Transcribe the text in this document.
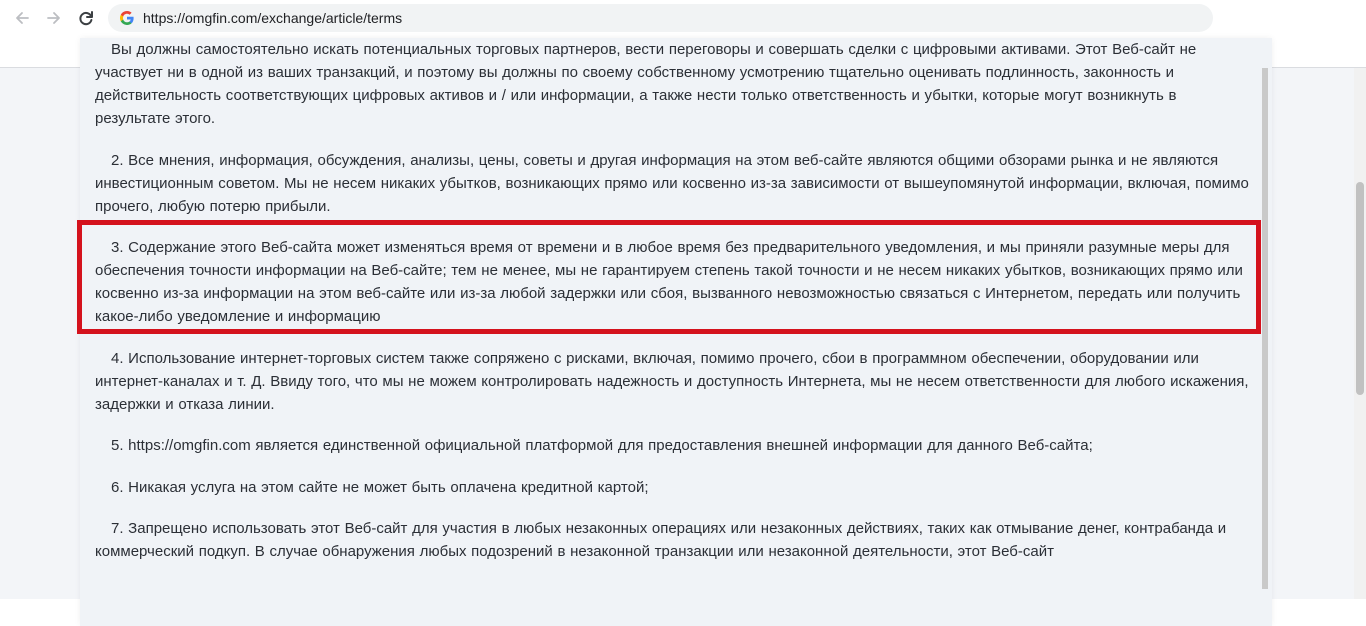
https://omgfin.com/exchange/article/terms

Вы должны самостоятельно искать потенциальных торговых партнеров, вести переговоры и совершать сделки с цифровыми активами. Этот Веб-сайт не участвует ни в одной из ваших транзакций, и поэтому вы должны по своему собственному усмотрению тщательно оценивать подлинность, законность и действительность соответствующих цифровых активов и / или информации, а также нести только ответственность и убытки, которые могут возникнуть в результате этого.

2. Все мнения, информация, обсуждения, анализы, цены, советы и другая информация на этом веб-сайте являются общими обзорами рынка и не являются инвестиционным советом. Мы не несем никаких убытков, возникающих прямо или косвенно из-за зависимости от вышеупомянутой информации, включая, помимо прочего, любую потерю прибыли.

3. Содержание этого Веб-сайта может изменяться время от времени и в любое время без предварительного уведомления, и мы приняли разумные меры для обеспечения точности информации на Веб-сайте; тем не менее, мы не гарантируем степень такой точности и не несем никаких убытков, возникающих прямо или косвенно из-за информации на этом веб-сайте или из-за любой задержки или сбоя, вызванного невозможностью связаться с Интернетом, передать или получить какое-либо уведомление и информацию

4. Использование интернет-торговых систем также сопряжено с рисками, включая, помимо прочего, сбои в программном обеспечении, оборудовании или интернет-каналах и т. Д. Ввиду того, что мы не можем контролировать надежность и доступность Интернета, мы не несем ответственности для любого искажения, задержки и отказа линии.

5. https://omgfin.com является единственной официальной платформой для предоставления внешней информации для данного Веб-сайта;

6. Никакая услуга на этом сайте не может быть оплачена кредитной картой;

7. Запрещено использовать этот Веб-сайт для участия в любых незаконных операциях или незаконных действиях, таких как отмывание денег, контрабанда и коммерческий подкуп. В случае обнаружения любых подозрений в незаконной транзакции или незаконной деятельности, этот Веб-сайт
